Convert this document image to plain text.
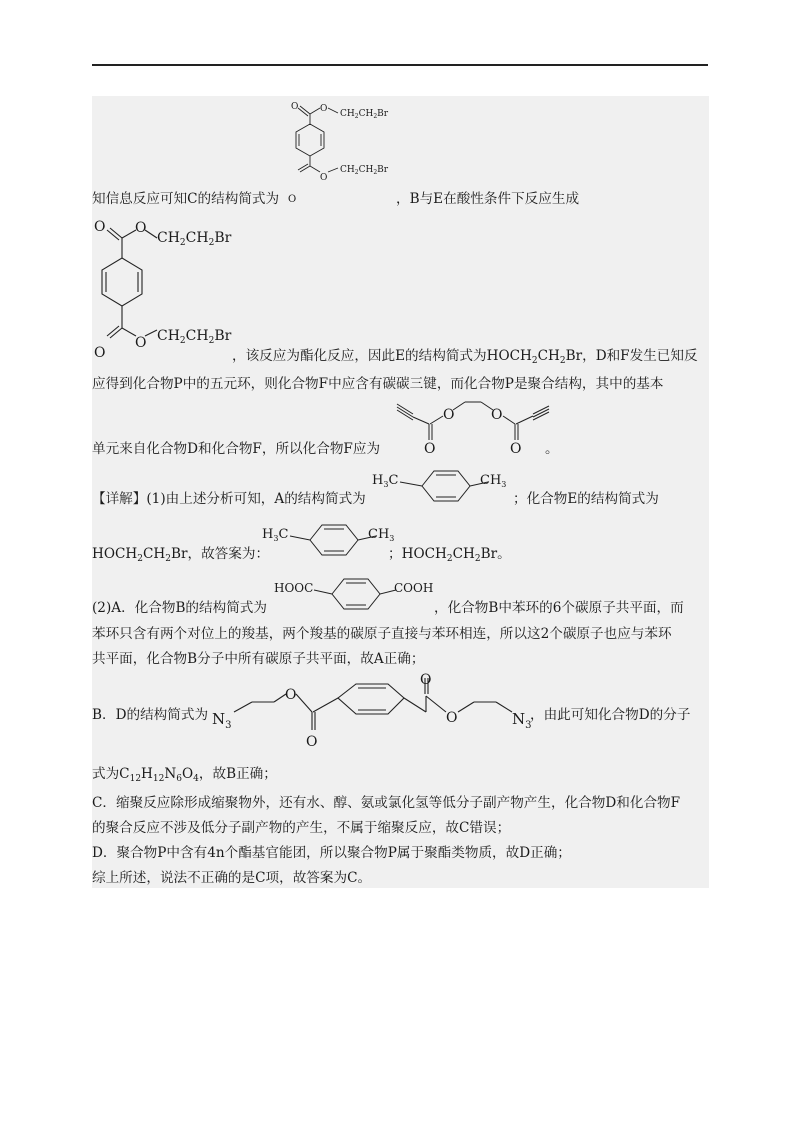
O O $CH_2CH_2Br$
O
$CH_2CH_2Br$
O
知信息反应可知C的结构简式为	，B与E在酸性条件下反应生成
O O
$CH_2CH_2Br$
O
O $CH_2CH_2Br$
，该反应为酯化反应，因此E的结构简式为$HOCH_2CH_2Br$，D和F发生已知反
应得到化合物P中的五元环，则化合物F中应含有碳碳三键，而化合物P是聚合结构，其中的基本
O	O
O	O
单元来自化合物D和化合物F，所以化合物F应为	。
$H_3C$	$CH_3$
【详解】(1)由上述分析可知，A的结构简式为	；化合物E的结构简式为
$H_3C$	$CH_3$
$HOCH_2CH_2Br$，故答案为：	；$HOCH_2CH_2Br$。
HOOC	COOH
(2)A．化合物B的结构简式为	，化合物B中苯环的6个碳原子共平面，而
苯环只含有两个对位上的羧基，两个羧基的碳原子直接与苯环相连，所以这2个碳原子也应与苯环
共平面，化合物B分子中所有碳原子共平面，故A正确；
$N_3$
O
O
O
O	$N_3$
B．D的结构简式为	，由此可知化合物D的分子
式为$C_{12}H_{12}N_6O_4$，故B正确；
C．缩聚反应除形成缩聚物外，还有水、醇、氨或氯化氢等低分子副产物产生，化合物D和化合物F
的聚合反应不涉及低分子副产物的产生，不属于缩聚反应，故C错误；
D．聚合物P中含有4n个酯基官能团，所以聚合物P属于聚酯类物质，故D正确；
综上所述，说法不正确的是C项，故答案为C。
